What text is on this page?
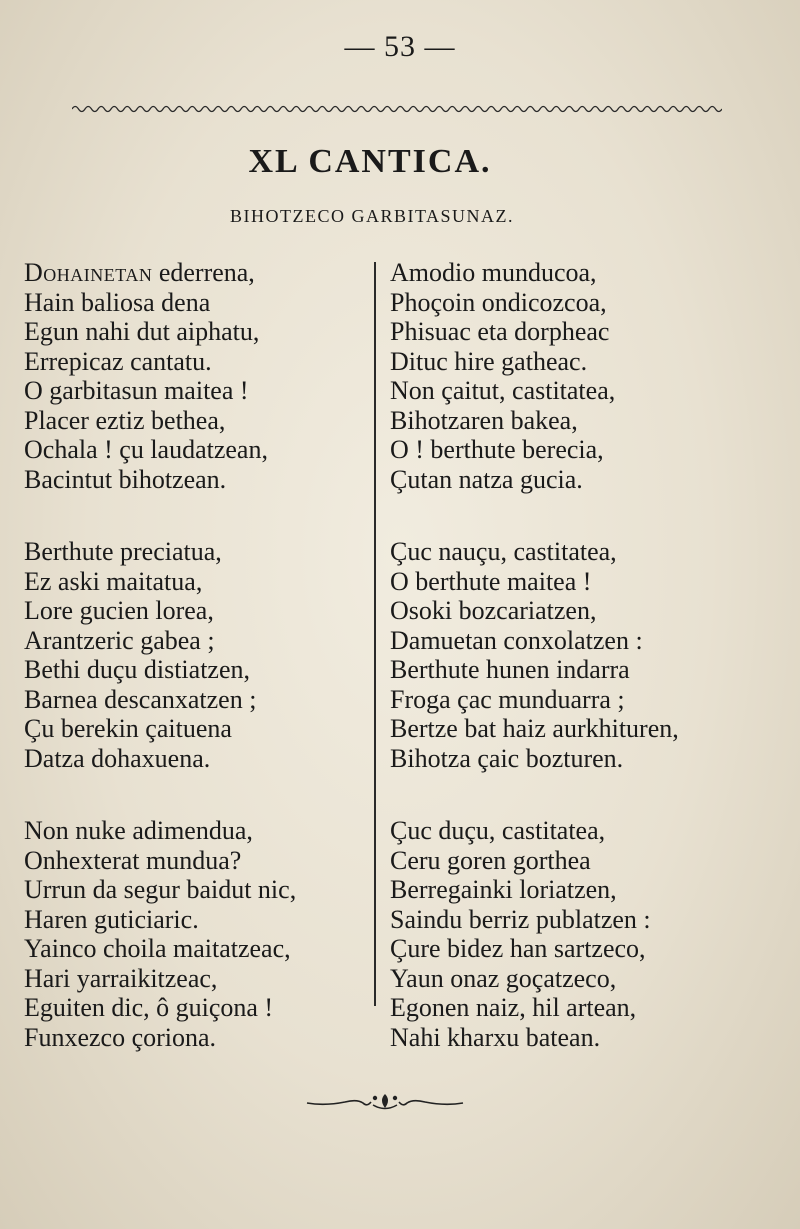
— 53 —
XL CANTICA.
BIHOTZECO GARBITASUNAZ.
Dohainetan ederrena,
Hain baliosa dena
Egun nahi dut aiphatu,
Errepicaz cantatu.
O garbitasun maitea !
Placer eztiz bethea,
Ochala ! çu laudatzean,
Bacintut bihotzean.
Berthute preciatua,
Ez aski maitatua,
Lore gucien lorea,
Arantzeric gabea ;
Bethi duçu distiatzen,
Barnea descanxatzen ;
Çu berekin çaituena
Datza dohaxuena.
Non nuke adimendua,
Onhexterat mundua?
Urrun da segur baidut nic,
Haren guticiaric.
Yainco choila maitatzeac,
Hari yarraikitzeac,
Eguiten dic, ô guiçona !
Funxezco çoriona.
Amodio munducoa,
Phoçoin ondicozcoa,
Phisuac eta dorpheac
Dituc hire gatheac.
Non çaitut, castitatea,
Bihotzaren bakea,
O ! berthute berecia,
Çutan natza gucia.
Çuc nauçu, castitatea,
O berthute maitea !
Osoki bozcariatzen,
Damuetan conxolatzen :
Berthute hunen indarra
Froga çac munduarra ;
Bertze bat haiz aurkhituren,
Bihotza çaic bozturen.
Çuc duçu, castitatea,
Ceru goren gorthea
Berregainki loriatzen,
Saindu berriz publatzen :
Çure bidez han sartzeco,
Yaun onaz goçatzeco,
Egonen naiz, hil artean,
Nahi kharxu batean.
